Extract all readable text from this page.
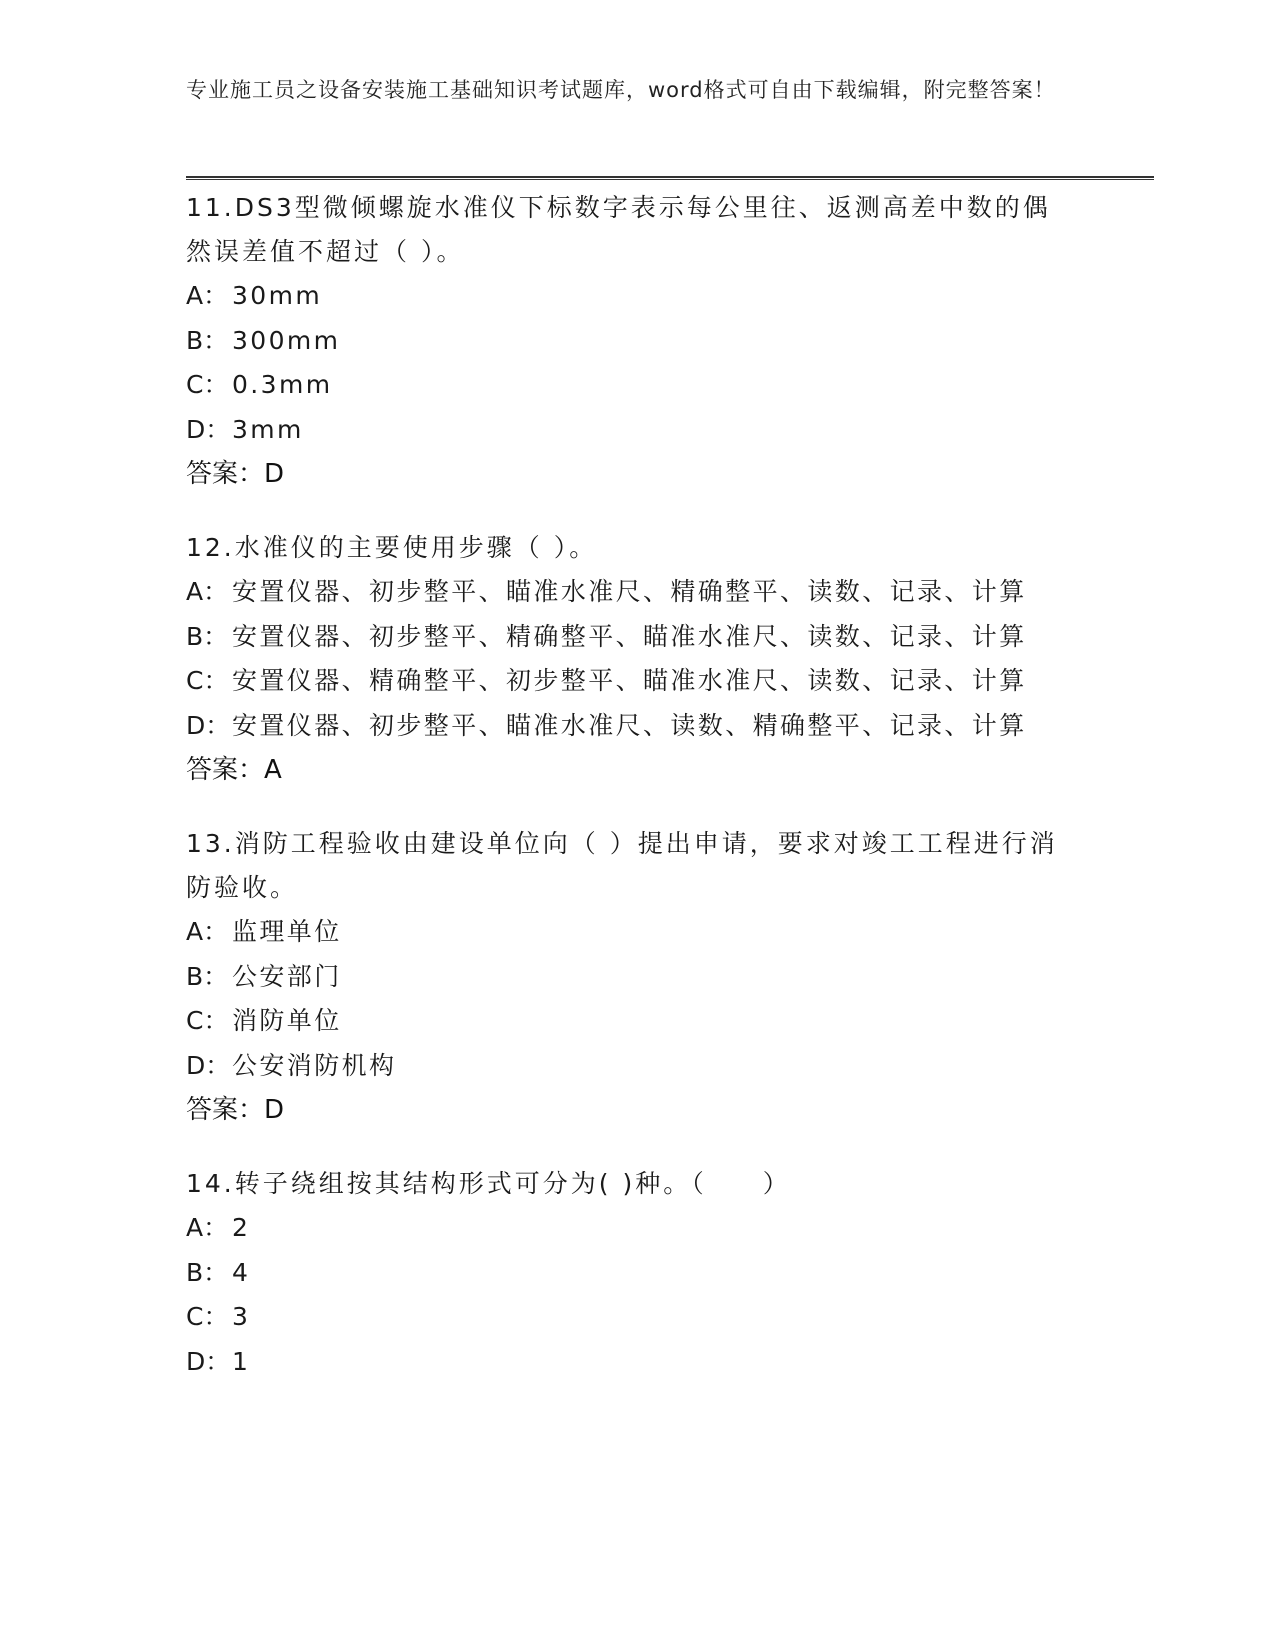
专业施工员之设备安装施工基础知识考试题库，word格式可自由下载编辑，附完整答案！
11.DS3型微倾螺旋水准仪下标数字表示每公里往、返测高差中数的偶然误差值不超过（ ）。
A： 30mm
B： 300mm
C： 0.3mm
D：3mm
答案：D
12.水准仪的主要使用步骤（ ）。
A： 安置仪器、初步整平、瞄准水准尺、精确整平、读数、记录、计算
B： 安置仪器、初步整平、精确整平、瞄准水准尺、读数、记录、计算
C： 安置仪器、精确整平、初步整平、瞄准水准尺、读数、记录、计算
D：安置仪器、初步整平、瞄准水准尺、读数、精确整平、记录、计算
答案：A
13.消防工程验收由建设单位向（ ）提出申请，要求对竣工工程进行消防验收。
A： 监理单位
B： 公安部门
C： 消防单位
D：公安消防机构
答案：D
14.转子绕组按其结构形式可分为( )种。（　　）
A： 2
B： 4
C： 3
D：1
